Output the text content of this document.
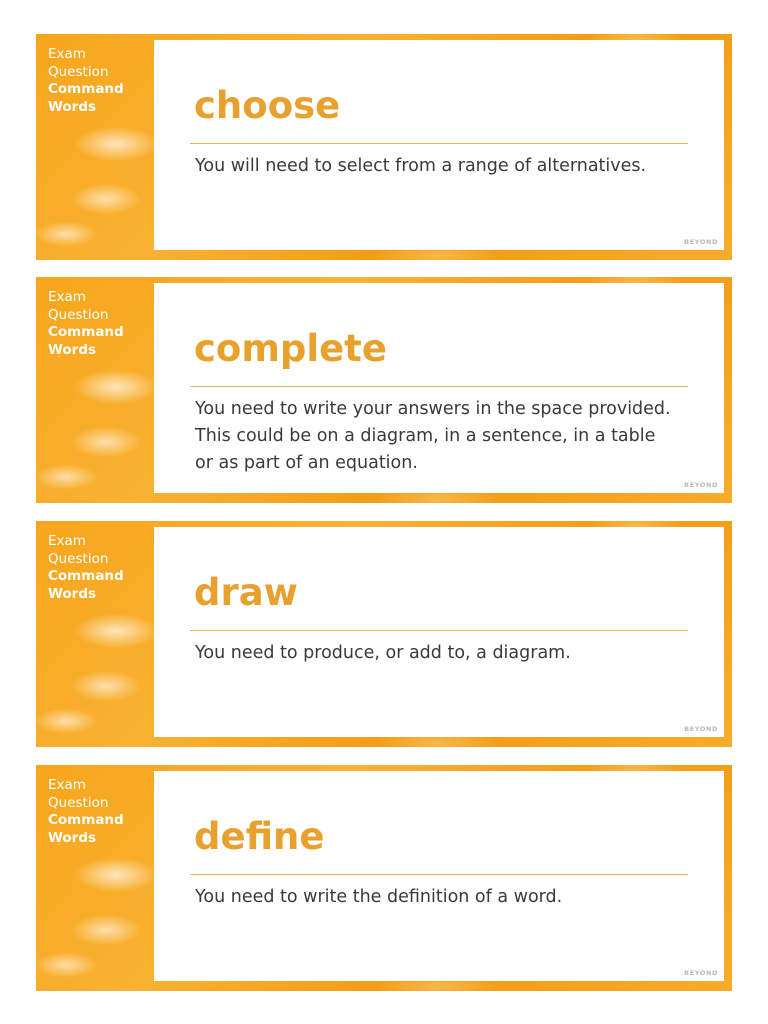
Exam
Question
Command
Words	choose

You will need to select from a range of alternatives.

BEYOND
Exam
Question
Command
Words	complete

You need to write your answers in the space provided. This could be on a diagram, in a sentence, in a table or as part of an equation.

BEYOND
Exam
Question
Command
Words	draw

You need to produce, or add to, a diagram.

BEYOND
Exam
Question
Command
Words	define

You need to write the definition of a word.

BEYOND
